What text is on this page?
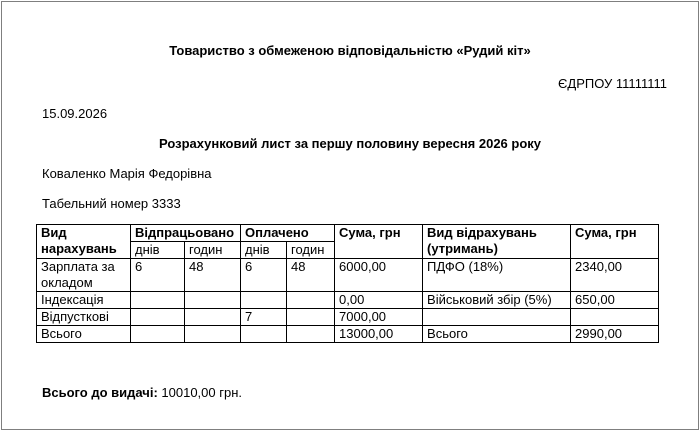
Товариство з обмеженою відповідальністю «Рудий кіт»
ЄДРПОУ 11111111
15.09.2026
Розрахунковий лист за першу половину вересня 2026 року
Коваленко Марія Федорівна
Табельний номер 3333
Вид нарахувань	Відпрацьовано		Оплачено		Сума, грн	Вид відрахувань (утримань)	Сума, грн
	днів	годин	днів	годин			
Зарплата за окладом	6	48	6	48	6000,00	ПДФО (18%)	2340,00
Індексація					0,00	Військовий збір (5%)	650,00
Відпусткові			7		7000,00		
Всього					13000,00	Всього	2990,00
Всього до видачі: 10010,00 грн.
